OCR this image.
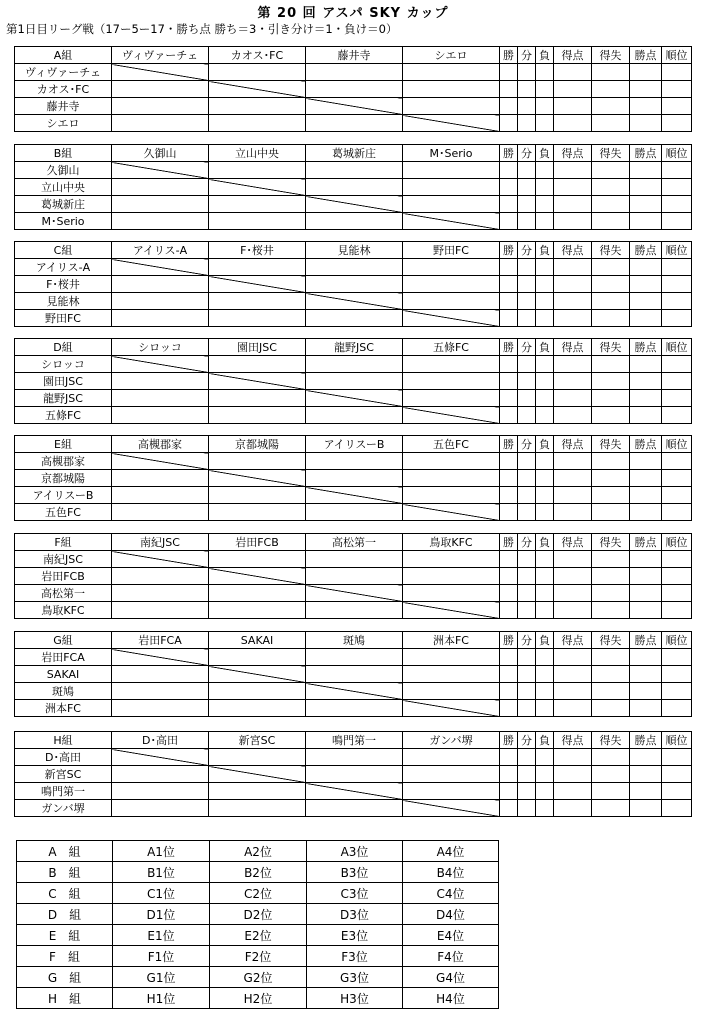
第 20 回 アスパ SKY カップ
第1日目リーグ戦（17ー5ー17・勝ち点 勝ち＝3・引き分け＝1・負け＝0）
A組	ヴィヴァーチェ	カオス･FC	藤井寺	シエロ	勝	分	負	得点	得失	勝点	順位
ヴィヴァーチェ											
カオス･FC											
藤井寺											
シエロ											
B組	久御山	立山中央	葛城新庄	M･Serio	勝	分	負	得点	得失	勝点	順位
久御山											
立山中央											
葛城新庄											
M･Serio											
C組	アイリス-A	F･桜井	見能林	野田FC	勝	分	負	得点	得失	勝点	順位
アイリス-A											
F･桜井											
見能林											
野田FC											
D組	シロッコ	園田JSC	龍野JSC	五條FC	勝	分	負	得点	得失	勝点	順位
シロッコ											
園田JSC											
龍野JSC											
五條FC											
E組	高槻郡家	京都城陽	アイリスーB	五色FC	勝	分	負	得点	得失	勝点	順位
高槻郡家											
京都城陽											
アイリスーB											
五色FC											
F組	南紀JSC	岩田FCB	高松第一	鳥取KFC	勝	分	負	得点	得失	勝点	順位
南紀JSC											
岩田FCB											
高松第一											
鳥取KFC											
G組	岩田FCA	SAKAI	斑鳩	洲本FC	勝	分	負	得点	得失	勝点	順位
岩田FCA											
SAKAI											
斑鳩											
洲本FC											
H組	D･高田	新宮SC	鳴門第一	ガンバ堺	勝	分	負	得点	得失	勝点	順位
D･高田											
新宮SC											
鳴門第一											
ガンバ堺											
A　組	A1位	A2位	A3位	A4位
B　組	B1位	B2位	B3位	B4位
C　組	C1位	C2位	C3位	C4位
D　組	D1位	D2位	D3位	D4位
E　組	E1位	E2位	E3位	E4位
F　組	F1位	F2位	F3位	F4位
G　組	G1位	G2位	G3位	G4位
H　組	H1位	H2位	H3位	H4位
